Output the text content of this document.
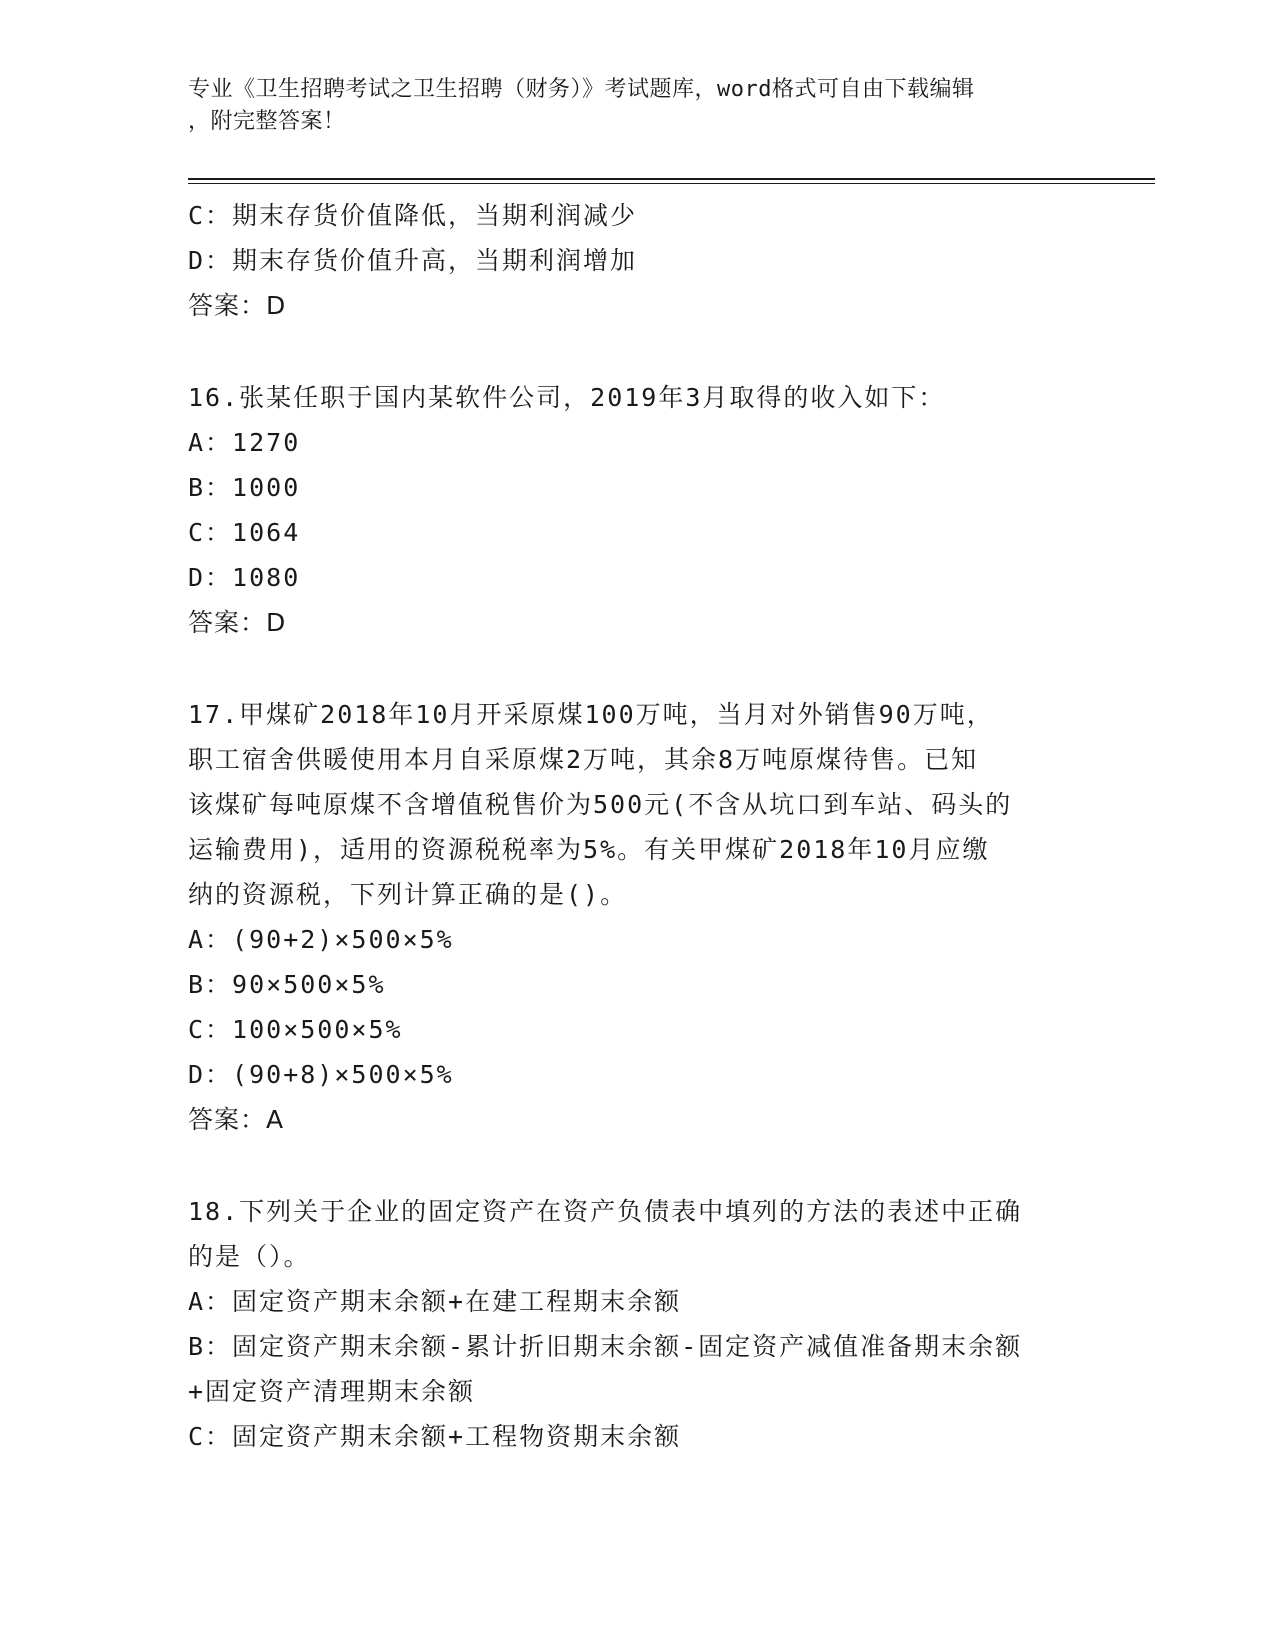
专业《卫生招聘考试之卫生招聘（财务）》考试题库，word格式可自由下载编辑
，附完整答案！
C：期末存货价值降低，当期利润减少
D：期末存货价值升高，当期利润增加
答案：D
16.张某任职于国内某软件公司，2019年3月取得的收入如下：
A：1270
B：1000
C：1064
D：1080
答案：D
17.甲煤矿2018年10月开采原煤100万吨，当月对外销售90万吨，
职工宿舍供暖使用本月自采原煤2万吨，其余8万吨原煤待售。已知
该煤矿每吨原煤不含增值税售价为500元(不含从坑口到车站、码头的
运输费用)，适用的资源税税率为5%。有关甲煤矿2018年10月应缴
纳的资源税，下列计算正确的是()。
A：(90+2)×500×5%
B：90×500×5%
C：100×500×5%
D：(90+8)×500×5%
答案：A
18.下列关于企业的固定资产在资产负债表中填列的方法的表述中正确
的是（）。
A：固定资产期末余额+在建工程期末余额
B：固定资产期末余额-累计折旧期末余额-固定资产减值准备期末余额
+固定资产清理期末余额
C：固定资产期末余额+工程物资期末余额
